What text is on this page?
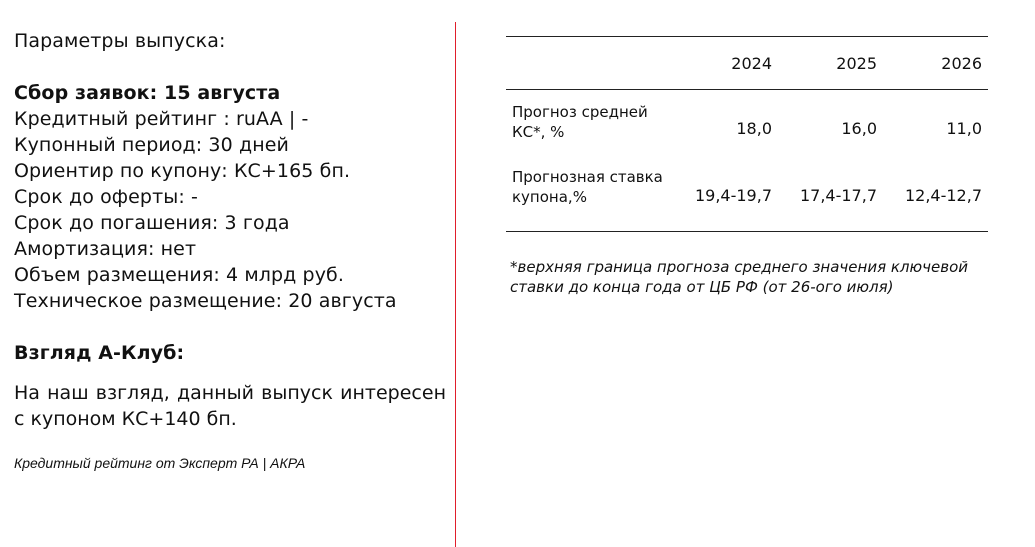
Параметры выпуска:
Сбор заявок: 15 августа
Кредитный рейтинг : ruAA | -
Купонный период: 30 дней
Ориентир по купону: КС+165 бп.
Срок до оферты: -
Срок до погашения: 3 года
Амортизация: нет
Объем размещения: 4 млрд руб.
Техническое размещение: 20 августа
Взгляд А-Клуб:
На наш взгляд, данный выпуск интересен с купоном КС+140 бп.
Кредитный рейтинг от Эксперт РА | АКРА
	2024	2025	2026
Прогноз средней КС*, %	18,0	16,0	11,0
Прогнозная ставка купона,%	19,4-19,7	17,4-17,7	12,4-12,7
*верхняя граница прогноза среднего значения ключевой ставки до конца года от ЦБ РФ (от 26-ого июля)
